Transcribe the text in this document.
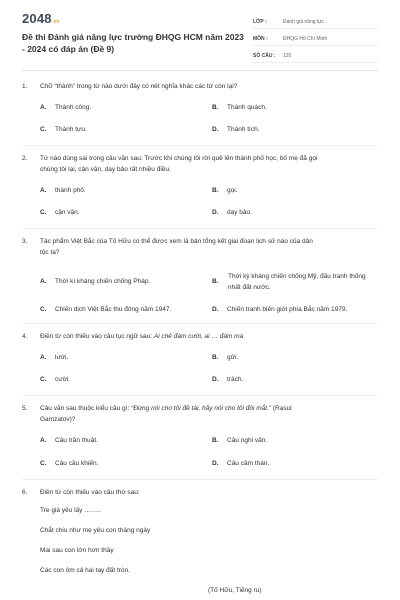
2048.vn
Đề thi Đánh giá năng lực trường ĐHQG HCM năm 2023 - 2024 có đáp án (Đề 9)
LỚP :	Đánh giá năng lực
MÔN :	ĐHQG Hồ Chí Minh
SỐ CÂU :	120
1. Chữ “thành” trong từ nào dưới đây có nét nghĩa khác các từ còn lại?
A. Thành công.	B. Thành quách.
C. Thành tựu.	D. Thành tích.
2. Từ nào dùng sai trong câu văn sau: Trước khi chúng tôi rời quê lên thành phố học, bố mẹ đã gọi
chúng tôi lại, cận vận, dạy bảo rất nhiều điều.
A. thành phố.	B. gọi.
C. cận vận.	D. dạy bảo.
3. Tác phẩm Việt Bắc của Tố Hữu có thể được xem là bản tổng kết giai đoạn lịch sử nào của dân
tộc ta?
A. Thời kì kháng chiến chống Pháp.	B.
Thời kỳ kháng chiến chống Mỹ, đấu tranh thống nhất đất nước.
C. Chiến dịch Việt Bắc thu đông năm 1947.	D. Chiến tranh biên giới phía Bắc năm 1979.
4. Điền từ còn thiếu vào câu tục ngữ sau: Ai chê đám cưới, ai … đám ma
A. lười.	B. gửi.
C. cười.	D. trách.
5. Câu văn sau thuộc kiểu câu gì: “Đừng nói cho tôi đề tài, hãy nói cho tôi đôi mắt.” (Rasul
Gamzatov)?
A. Câu trần thuật.	B. Câu nghi vấn.
C. Câu cầu khiến.	D. Câu cảm thán.
6. Điền từ còn thiếu vào câu thơ sau:
Tre già yêu lấy ……..
Chắt chiu như mẹ yêu con tháng ngày
Mai sau con lớn hơn thầy
Các con ôm cả hai tay đất tròn.
(Tố Hữu, Tiếng ru)
